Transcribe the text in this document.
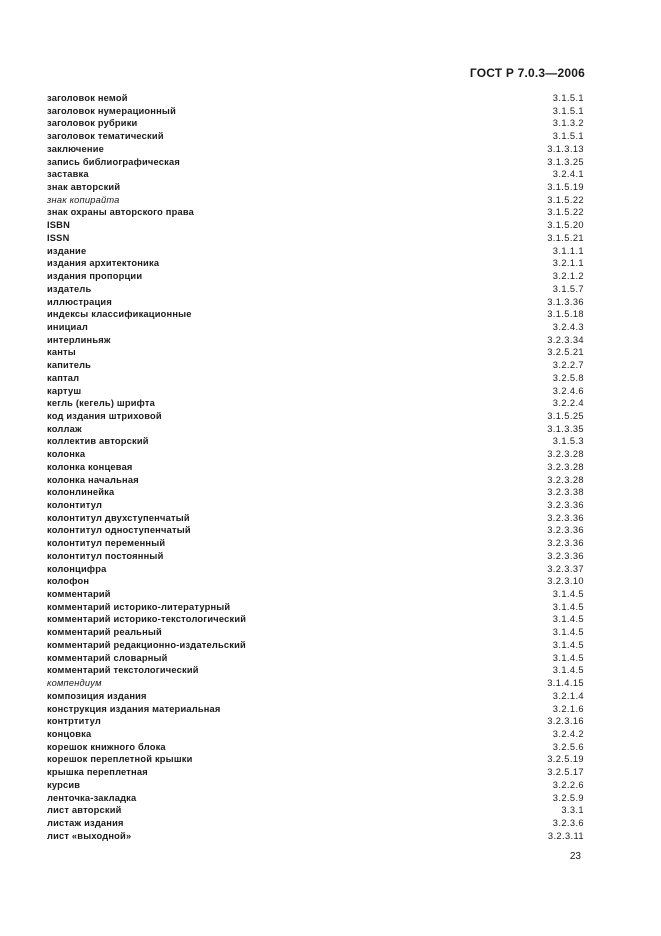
ГОСТ Р 7.0.3—2006
заголовок немой	3.1.5.1
заголовок нумерационный	3.1.5.1
заголовок рубрики	3.1.3.2
заголовок тематический	3.1.5.1
заключение	3.1.3.13
запись библиографическая	3.1.3.25
заставка	3.2.4.1
знак авторский	3.1.5.19
знак копирайта	3.1.5.22
знак охраны авторского права	3.1.5.22
ISBN	3.1.5.20
ISSN	3.1.5.21
издание	3.1.1.1
издания архитектоника	3.2.1.1
издания пропорции	3.2.1.2
издатель	3.1.5.7
иллюстрация	3.1.3.36
индексы классификационные	3.1.5.18
инициал	3.2.4.3
интерлиньяж	3.2.3.34
канты	3.2.5.21
капитель	3.2.2.7
каптал	3.2.5.8
картуш	3.2.4.6
кегль (кегель) шрифта	3.2.2.4
код издания штриховой	3.1.5.25
коллаж	3.1.3.35
коллектив авторский	3.1.5.3
колонка	3.2.3.28
колонка концевая	3.2.3.28
колонка начальная	3.2.3.28
колонлинейка	3.2.3.38
колонтитул	3.2.3.36
колонтитул двухступенчатый	3.2.3.36
колонтитул одноступенчатый	3.2.3.36
колонтитул переменный	3.2.3.36
колонтитул постоянный	3.2.3.36
колонцифра	3.2.3.37
колофон	3.2.3.10
комментарий	3.1.4.5
комментарий историко-литературный	3.1.4.5
комментарий историко-текстологический	3.1.4.5
комментарий реальный	3.1.4.5
комментарий редакционно-издательский	3.1.4.5
комментарий словарный	3.1.4.5
комментарий текстологический	3.1.4.5
компендиум	3.1.4.15
композиция издания	3.2.1.4
конструкция издания материальная	3.2.1.6
контртитул	3.2.3.16
концовка	3.2.4.2
корешок книжного блока	3.2.5.6
корешок переплетной крышки	3.2.5.19
крышка переплетная	3.2.5.17
курсив	3.2.2.6
ленточка-закладка	3.2.5.9
лист авторский	3.3.1
листаж издания	3.2.3.6
лист «выходной»	3.2.3.11
23
